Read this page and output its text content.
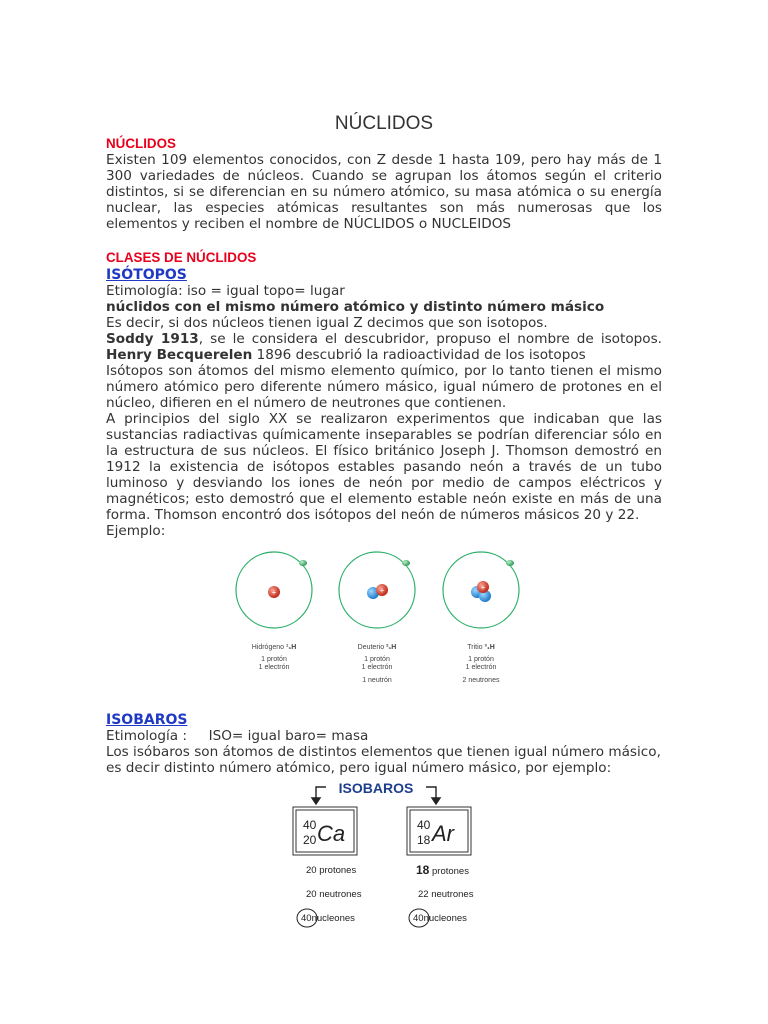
NÚCLIDOS
NÚCLIDOS

Existen 109 elementos conocidos, con Z desde 1 hasta 109, pero hay más de 1 300 variedades de núcleos. Cuando se agrupan los átomos según el criterio distintos, si se diferencian en su número atómico, su masa atómica o su energía nuclear, las especies atómicas resultantes son más numerosas que los elementos y reciben el nombre de NÚCLIDOS o NUCLEIDOS

CLASES DE NÚCLIDOS
ISÓTOPOS

Etimología: iso = igual topo= lugar

núclidos con el mismo número atómico y distinto número másico

Es decir, si dos núcleos tienen igual Z decimos que son isotopos.

Soddy 1913, se le considera el descubridor, propuso el nombre de isotopos. Henry Becquerelen 1896 descubrió la radioactividad de los isotopos

Isótopos son átomos del mismo elemento químico, por lo tanto tienen el mismo número atómico pero diferente número másico, igual número de protones en el núcleo, difieren en el número de neutrones que contienen.

A principios del siglo XX se realizaron experimentos que indicaban que las sustancias radiactivas químicamente inseparables se podrían diferenciar sólo en la estructura de sus núcleos. El físico británico Joseph J. Thomson demostró en 1912 la existencia de isótopos estables pasando neón a través de un tubo luminoso y desviando los iones de neón por medio de campos eléctricos y magnéticos; esto demostró que el elemento estable neón existe en más de una forma. Thomson encontró dos isótopos del neón de números másicos 20 y 22.

Ejemplo:

+	+	+
Hidrógeno ¹₁H
1 protón
1 electrón
Deuterio ²₁H
1 protón
1 electrón
1 neutrón
Tritio ³₁H
1 protón
1 electrón
2 neutrones
ISOBAROS

Etimología :     ISO= igual baro= masa

Los isóbaros son átomos de distintos elementos que tienen igual número másico, es decir distinto número atómico, pero igual número másico, por ejemplo:

ISOBAROS
40
20 Ca	40
18 Ar
20 protones
20 neutrones
40nucleones
18 protones
22 neutrones
40nucleones
